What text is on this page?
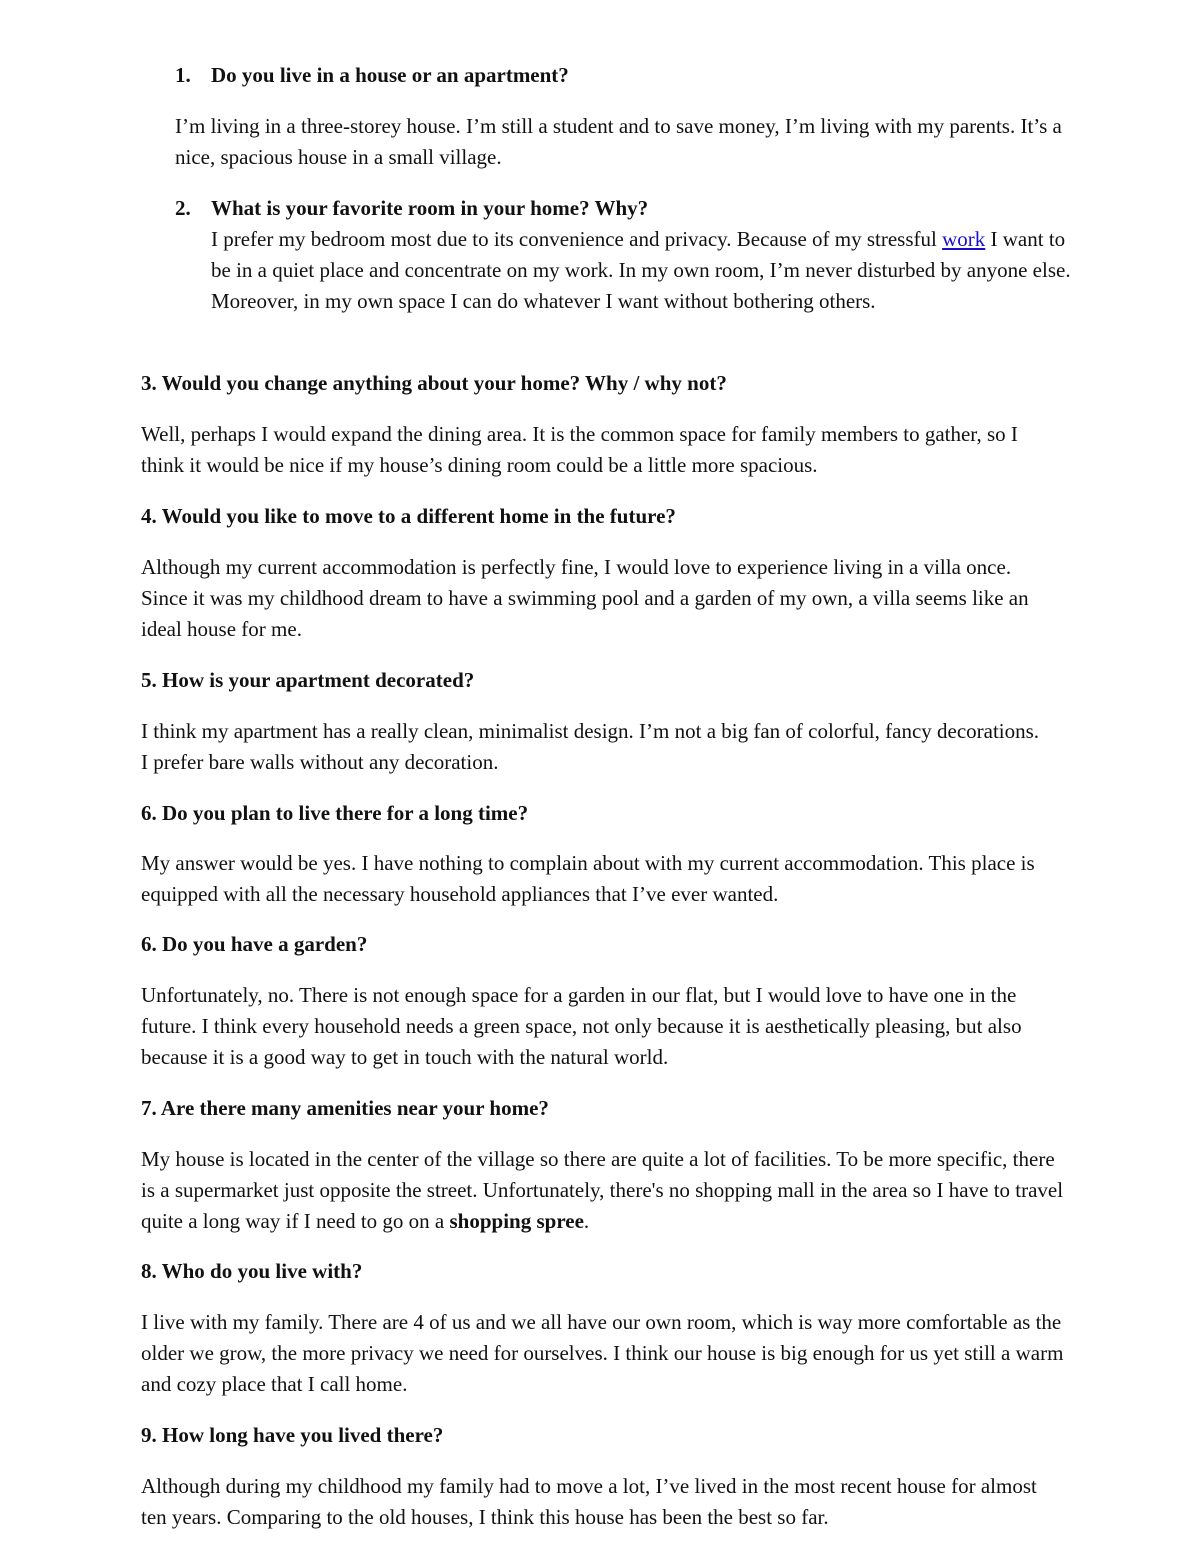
1. Do you live in a house or an apartment?
I’m living in a three-storey house. I’m still a student and to save money, I’m living with my parents. It’s a nice, spacious house in a small village.
2. What is your favorite room in your home? Why?
I prefer my bedroom most due to its convenience and privacy. Because of my stressful work I want to be in a quiet place and concentrate on my work. In my own room, I’m never disturbed by anyone else. Moreover, in my own space I can do whatever I want without bothering others.
3. Would you change anything about your home? Why / why not?
Well, perhaps I would expand the dining area. It is the common space for family members to gather, so I think it would be nice if my house’s dining room could be a little more spacious.
4. Would you like to move to a different home in the future?
Although my current accommodation is perfectly fine, I would love to experience living in a villa once. Since it was my childhood dream to have a swimming pool and a garden of my own, a villa seems like an ideal house for me.
5. How is your apartment decorated?
I think my apartment has a really clean, minimalist design. I’m not a big fan of colorful, fancy decorations. I prefer bare walls without any decoration.
6. Do you plan to live there for a long time?
My answer would be yes. I have nothing to complain about with my current accommodation. This place is equipped with all the necessary household appliances that I’ve ever wanted.
6. Do you have a garden?
Unfortunately, no. There is not enough space for a garden in our flat, but I would love to have one in the future. I think every household needs a green space, not only because it is aesthetically pleasing, but also because it is a good way to get in touch with the natural world.
7. Are there many amenities near your home?
My house is located in the center of the village so there are quite a lot of facilities. To be more specific, there is a supermarket just opposite the street. Unfortunately, there's no shopping mall in the area so I have to travel quite a long way if I need to go on a shopping spree.
8. Who do you live with?
I live with my family. There are 4 of us and we all have our own room, which is way more comfortable as the older we grow, the more privacy we need for ourselves. I think our house is big enough for us yet still a warm and cozy place that I call home.
9. How long have you lived there?
Although during my childhood my family had to move a lot, I’ve lived in the most recent house for almost ten years. Comparing to the old houses, I think this house has been the best so far.
